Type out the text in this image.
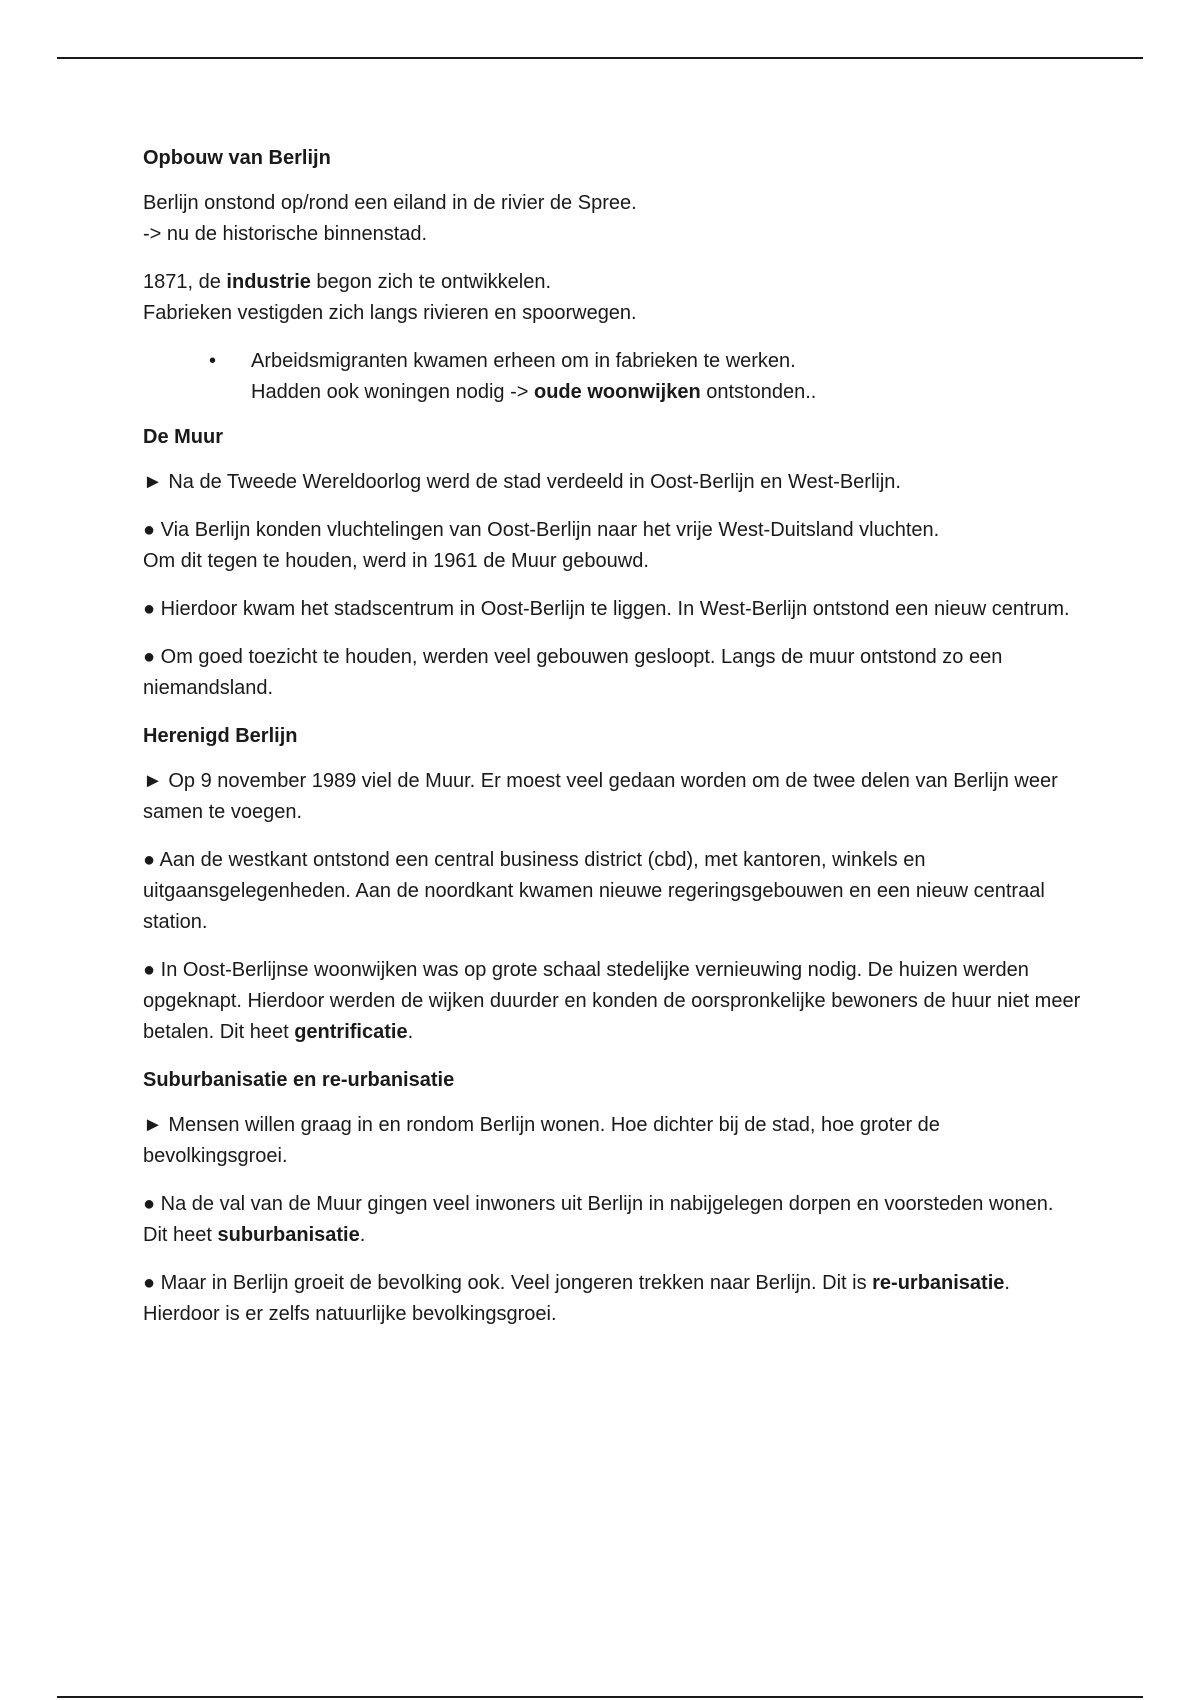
Opbouw van Berlijn

Berlijn onstond op/rond een eiland in de rivier de Spree.
-> nu de historische binnenstad.

1871, de industrie begon zich te ontwikkelen.
Fabrieken vestigden zich langs rivieren en spoorwegen.

• Arbeidsmigranten kwamen erheen om in fabrieken te werken.
Hadden ook woningen nodig -> oude woonwijken ontstonden..
De Muur

► Na de Tweede Wereldoorlog werd de stad verdeeld in Oost-Berlijn en West-Berlijn.

● Via Berlijn konden vluchtelingen van Oost-Berlijn naar het vrije West-Duitsland vluchten.
Om dit tegen te houden, werd in 1961 de Muur gebouwd.

● Hierdoor kwam het stadscentrum in Oost-Berlijn te liggen. In West-Berlijn ontstond een nieuw centrum.

● Om goed toezicht te houden, werden veel gebouwen gesloopt. Langs de muur ontstond zo een niemandsland.

Herenigd Berlijn

► Op 9 november 1989 viel de Muur. Er moest veel gedaan worden om de twee delen van Berlijn weer samen te voegen.

● Aan de westkant ontstond een central business district (cbd), met kantoren, winkels en uitgaansgelegenheden. Aan de noordkant kwamen nieuwe regeringsgebouwen en een nieuw centraal station.

● In Oost-Berlijnse woonwijken was op grote schaal stedelijke vernieuwing nodig. De huizen werden opgeknapt. Hierdoor werden de wijken duurder en konden de oorspronkelijke bewoners de huur niet meer betalen. Dit heet gentrificatie.

Suburbanisatie en re-urbanisatie

► Mensen willen graag in en rondom Berlijn wonen. Hoe dichter bij de stad, hoe groter de bevolkingsgroei.

● Na de val van de Muur gingen veel inwoners uit Berlijn in nabijgelegen dorpen en voorsteden wonen. Dit heet suburbanisatie.

● Maar in Berlijn groeit de bevolking ook. Veel jongeren trekken naar Berlijn. Dit is re-urbanisatie. Hierdoor is er zelfs natuurlijke bevolkingsgroei.
